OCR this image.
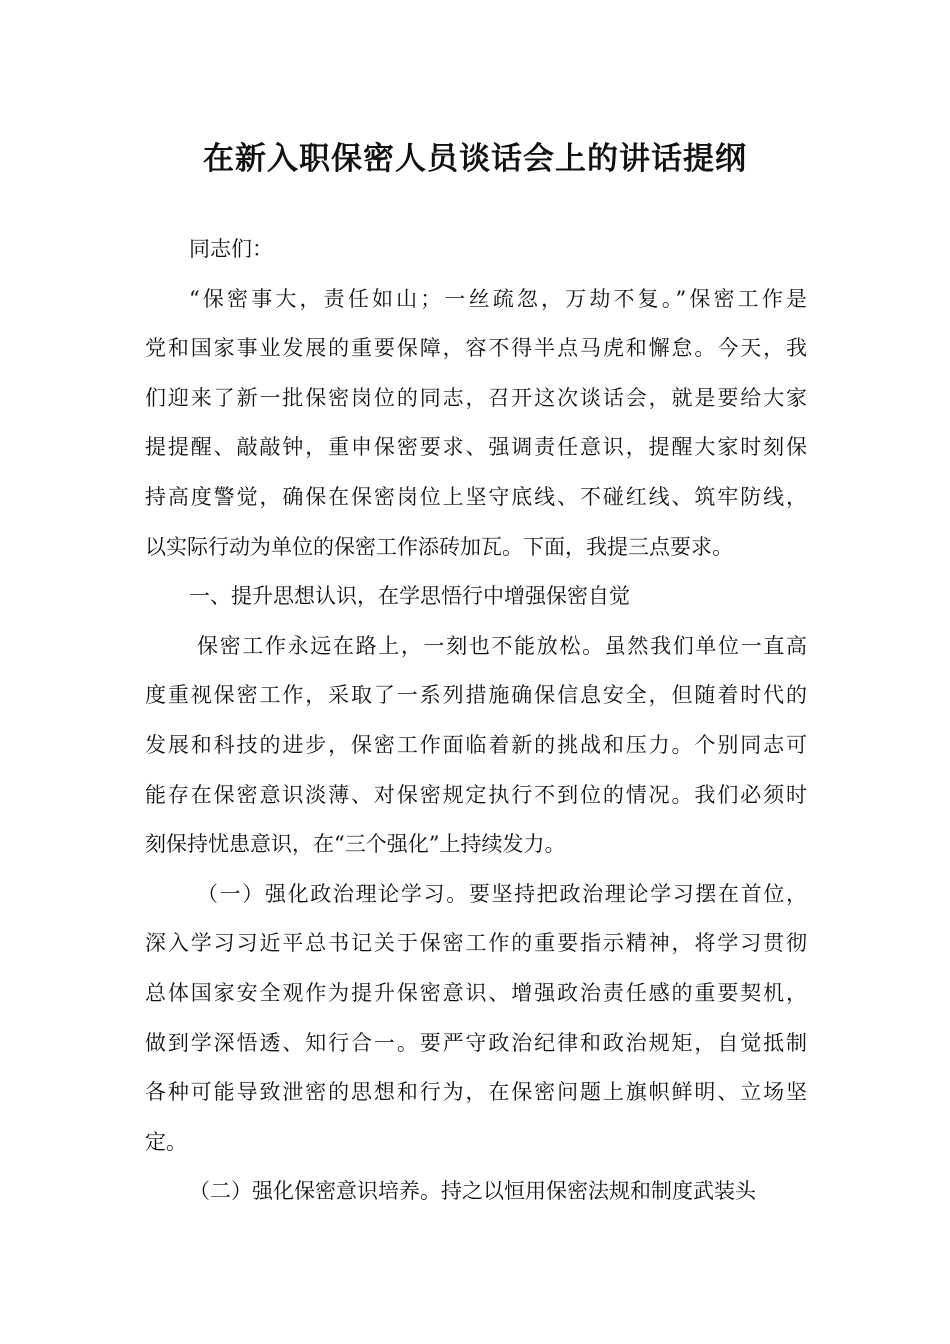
在新入职保密人员谈话会上的讲话提纲
同志们：
“保密事大，责任如山；一丝疏忽，万劫不复。”保密工作是
党和国家事业发展的重要保障，容不得半点马虎和懈怠。今天，我
们迎来了新一批保密岗位的同志，召开这次谈话会，就是要给大家
提提醒、敲敲钟，重申保密要求、强调责任意识，提醒大家时刻保
持高度警觉，确保在保密岗位上坚守底线、不碰红线、筑牢防线，
以实际行动为单位的保密工作添砖加瓦。下面，我提三点要求。
一、提升思想认识，在学思悟行中增强保密自觉
保密工作永远在路上，一刻也不能放松。虽然我们单位一直高
度重视保密工作，采取了一系列措施确保信息安全，但随着时代的
发展和科技的进步，保密工作面临着新的挑战和压力。个别同志可
能存在保密意识淡薄、对保密规定执行不到位的情况。我们必须时
刻保持忧患意识，在“三个强化”上持续发力。
（一）强化政治理论学习。要坚持把政治理论学习摆在首位，
深入学习习近平总书记关于保密工作的重要指示精神，将学习贯彻
总体国家安全观作为提升保密意识、增强政治责任感的重要契机，
做到学深悟透、知行合一。要严守政治纪律和政治规矩，自觉抵制
各种可能导致泄密的思想和行为，在保密问题上旗帜鲜明、立场坚
定。
（二）强化保密意识培养。持之以恒用保密法规和制度武装头
